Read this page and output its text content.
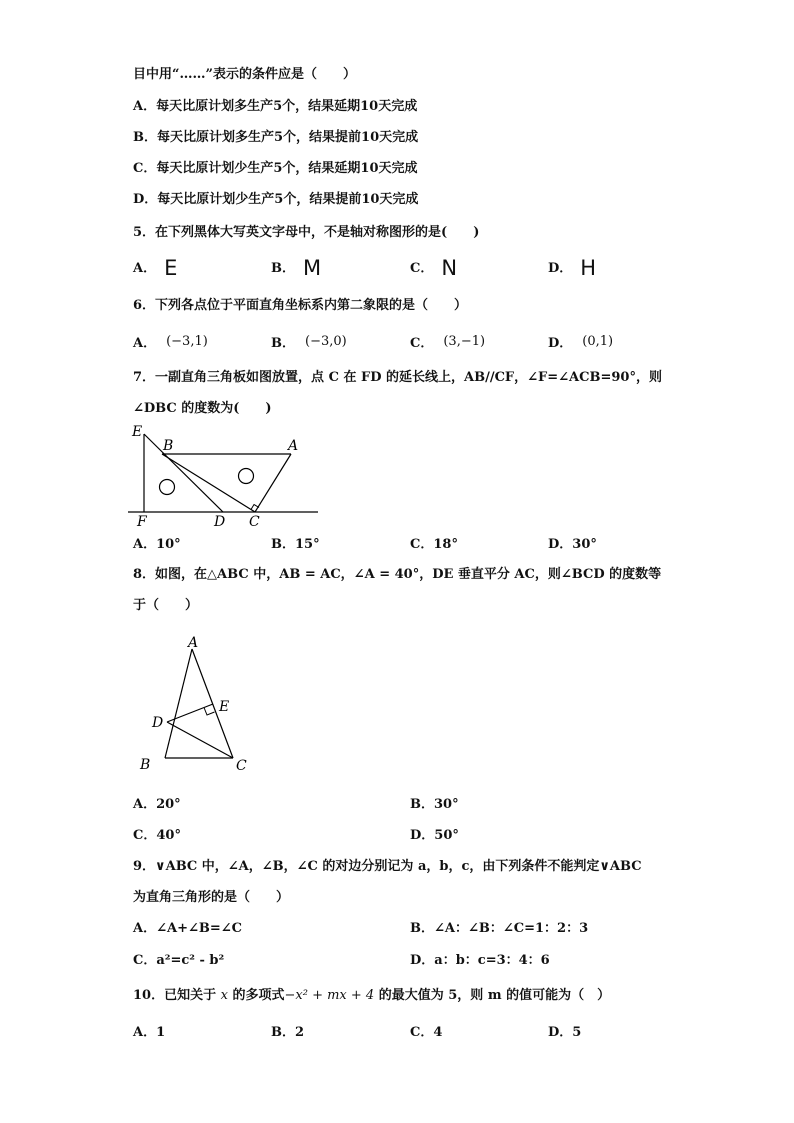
目中用“……”表示的条件应是（　　）
A．每天比原计划多生产5个，结果延期10天完成
B．每天比原计划多生产5个，结果提前10天完成
C．每天比原计划少生产5个，结果延期10天完成
D．每天比原计划少生产5个，结果提前10天完成
5．在下列黑体大写英文字母中，不是轴对称图形的是(　　)
A． E	B． M	C． N	D． H
6．下列各点位于平面直角坐标系内第二象限的是（　　）
A． (−3,1)	B． (−3,0)	C． (3,−1)	D． (0,1)
7．一副直角三角板如图放置，点 C 在 FD 的延长线上，AB//CF，∠F=∠ACB=90°，则
∠DBC 的度数为(　　)
E
B	A
F	D C
A．10°	B．15°	C．18°	D．30°
8．如图，在△ABC 中，AB = AC，∠A = 40°，DE 垂直平分 AC，则∠BCD 的度数等
于（　　）
A
E
D
B	C
A．20°	B．30°
C．40°	D．50°
9．∨ABC 中，∠A，∠B，∠C 的对边分别记为 a，b，c，由下列条件不能判定∨ABC
为直角三角形的是（　　）
A．∠A+∠B=∠C	B．∠A：∠B：∠C=1：2：3
C．a²=c² - b²	D．a：b：c=3：4：6
10．已知关于 x 的多项式−x² + mx + 4 的最大值为 5，则 m 的值可能为（　）
A．1	B．2	C．4	D．5
